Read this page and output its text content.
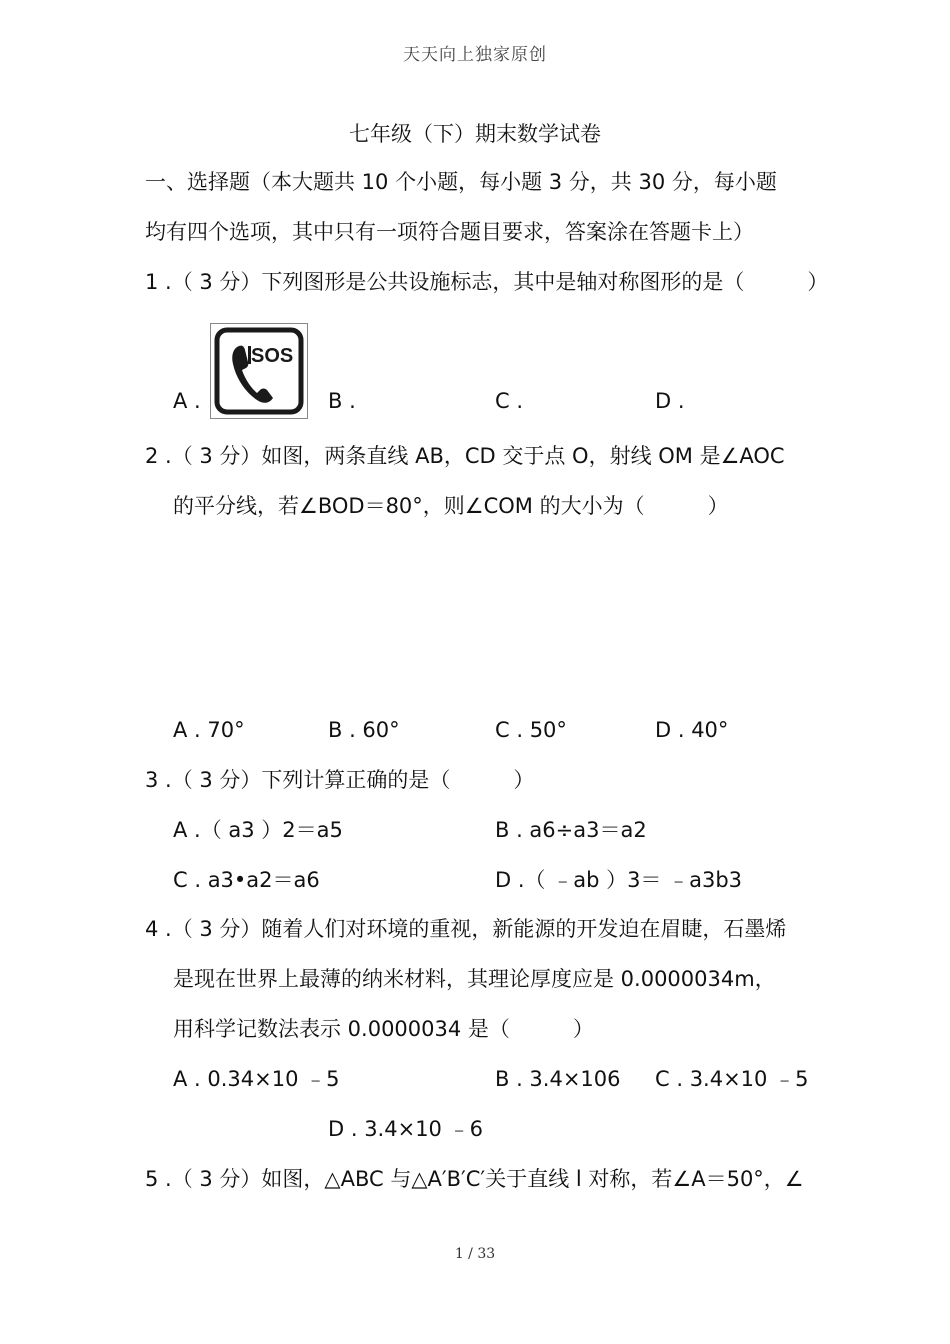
天天向上独家原创
七年级（下）期末数学试卷
一、选择题（本大题共 10 个小题，每小题 3 分，共 30 分，每小题
均有四个选项，其中只有一项符合题目要求，答案涂在答题卡上）
1 .（ 3 分）下列图形是公共设施标志，其中是轴对称图形的是（　　　）
A .
SOS
B .	C .	D .
2 .（ 3 分）如图，两条直线 AB，CD 交于点 O，射线 OM 是∠AOC
的平分线，若∠BOD＝80°，则∠COM 的大小为（　　　）
A . 70°	B . 60°	C . 50°	D . 40°
3 .（ 3 分）下列计算正确的是（　　　）
A .（ a3 ）2＝a5	B . a6÷a3＝a2
C . a3•a2＝a6	D .（ ﹣ab ）3＝ ﹣a3b3
4 .（ 3 分）随着人们对环境的重视，新能源的开发迫在眉睫，石墨烯
是现在世界上最薄的纳米材料，其理论厚度应是 0.0000034m，
用科学记数法表示 0.0000034 是（　　　）
A . 0.34×10 ﹣5	B . 3.4×106 C . 3.4×10 ﹣5
D . 3.4×10 ﹣6
5 .（ 3 分）如图，△ABC 与△A′B′C′关于直线 l 对称，若∠A＝50°，∠
1 / 33
